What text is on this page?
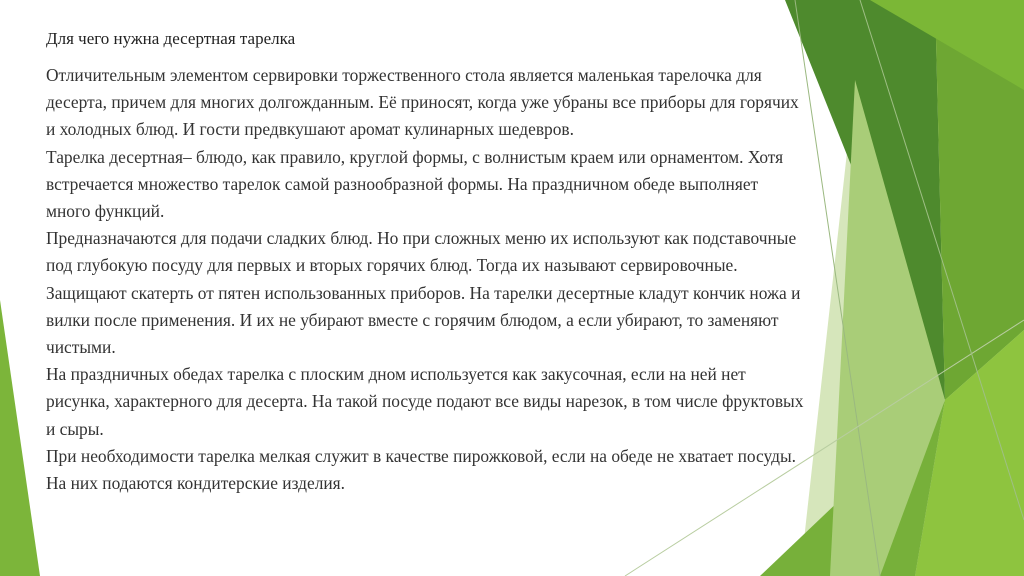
Для чего нужна десертная тарелка

Отличительным элементом сервировки торжественного стола является маленькая тарелочка для десерта, причем для многих долгожданным. Её приносят, когда уже убраны все приборы для горячих и холодных блюд. И гости предвкушают аромат кулинарных шедевров.

Тарелка десертная– блюдо, как правило, круглой формы, с волнистым краем или орнаментом. Хотя встречается множество тарелок самой разнообразной формы. На праздничном обеде выполняет много функций.

Предназначаются для подачи сладких блюд. Но при сложных меню их используют как подставочные под глубокую посуду для первых и вторых горячих блюд. Тогда их называют сервировочные. Защищают скатерть от пятен использованных приборов. На тарелки десертные кладут кончик ножа и вилки после применения. И их не убирают вместе с горячим блюдом, а если убирают, то заменяют чистыми.

На праздничных обедах тарелка с плоским дном используется как закусочная, если на ней нет рисунка, характерного для десерта. На такой посуде подают все виды нарезок, в том числе фруктовых и сыры.

При необходимости тарелка мелкая служит в качестве пирожковой, если на обеде не хватает посуды. На них подаются кондитерские изделия.
